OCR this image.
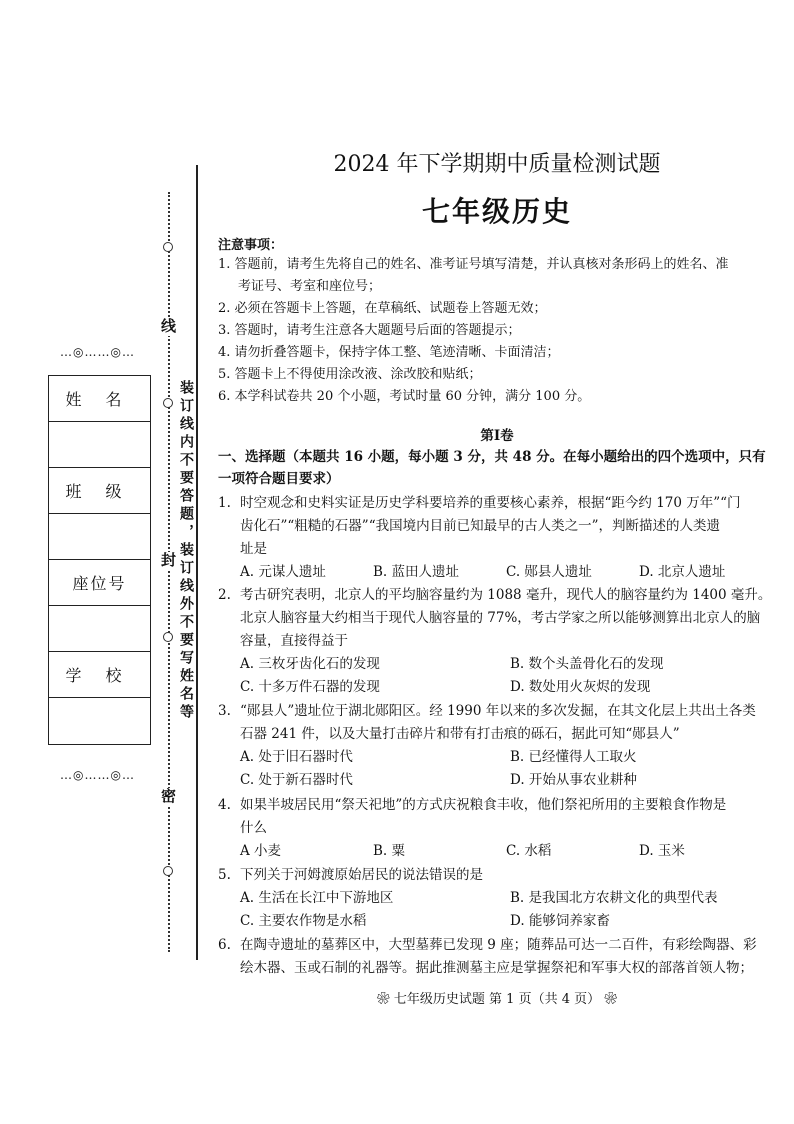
线
封
密
装订线内不要答题，装订线外不要写姓名等
…◎……◎…
…◎……◎…
姓名
班级
座位号
学校
2024 年下学期期中质量检测试题
七年级历史
注意事项：
1. 答题前，请考生先将自己的姓名、准考证号填写清楚，并认真核对条形码上的姓名、准
考证号、考室和座位号；
2. 必须在答题卡上答题，在草稿纸、试题卷上答题无效；
3. 答题时，请考生注意各大题题号后面的答题提示；
4. 请勿折叠答题卡，保持字体工整、笔迹清晰、卡面清洁；
5. 答题卡上不得使用涂改液、涂改胶和贴纸；
6. 本学科试卷共 20 个小题，考试时量 60 分钟，满分 100 分。
第Ⅰ卷
一、选择题（本题共 16 小题，每小题 3 分，共 48 分。在每小题给出的四个选项中，只有
一项符合题目要求）
1. 时空观念和史料实证是历史学科要培养的重要核心素养，根据“距今约 170 万年”“门
齿化石”“粗糙的石器”“我国境内目前已知最早的古人类之一”，判断描述的人类遗
址是
A. 元谋人遗址	B. 蓝田人遗址	C. 郧县人遗址	D. 北京人遗址
2. 考古研究表明，北京人的平均脑容量约为 1088 毫升，现代人的脑容量约为 1400 毫升。
北京人脑容量大约相当于现代人脑容量的 77%，考古学家之所以能够测算出北京人的脑
容量，直接得益于
A. 三枚牙齿化石的发现	B. 数个头盖骨化石的发现
C. 十多万件石器的发现	D. 数处用火灰烬的发现
3. “郧县人”遗址位于湖北郧阳区。经 1990 年以来的多次发掘，在其文化层上共出土各类
石器 241 件，以及大量打击碎片和带有打击痕的砾石，据此可知“郧县人”
A. 处于旧石器时代	B. 已经懂得人工取火
C. 处于新石器时代	D. 开始从事农业耕种
4. 如果半坡居民用“祭天祀地”的方式庆祝粮食丰收，他们祭祀所用的主要粮食作物是
什么
A 小麦	B. 粟	C. 水稻	D. 玉米
5. 下列关于河姆渡原始居民的说法错误的是
A. 生活在长江中下游地区	B. 是我国北方农耕文化的典型代表
C. 主要农作物是水稻	D. 能够饲养家畜
6. 在陶寺遗址的墓葬区中，大型墓葬已发现 9 座；随葬品可达一二百件，有彩绘陶器、彩
绘木器、玉或石制的礼器等。据此推测墓主应是掌握祭祀和军事大权的部落首领人物；
❀ 七年级历史试题 第 1 页（共 4 页） ❀
